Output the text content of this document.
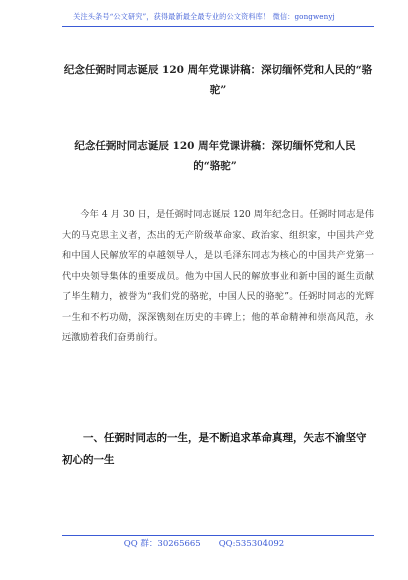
关注头条号“公文研究”，获得最新最全最专业的公文资料库！ 微信：gongwenyj
纪念任弼时同志诞辰 120 周年党课讲稿：深切缅怀党和人民的“骆驼”
纪念任弼时同志诞辰 120 周年党课讲稿：深切缅怀党和人民的“骆驼”

今年 4 月 30 日，是任弼时同志诞辰 120 周年纪念日。任弼时同志是伟大的马克思主义者，杰出的无产阶级革命家、政治家、组织家，中国共产党和中国人民解放军的卓越领导人，是以毛泽东同志为核心的中国共产党第一代中央领导集体的重要成员。他为中国人民的解放事业和新中国的诞生贡献了毕生精力，被誉为“我们党的骆驼，中国人民的骆驼”。任弼时同志的光辉一生和不朽功勋，深深镌刻在历史的丰碑上；他的革命精神和崇高风范，永远激励着我们奋勇前行。

一、任弼时同志的一生，是不断追求革命真理，矢志不渝坚守初心的一生

QQ 群：30265665 QQ:535304092
